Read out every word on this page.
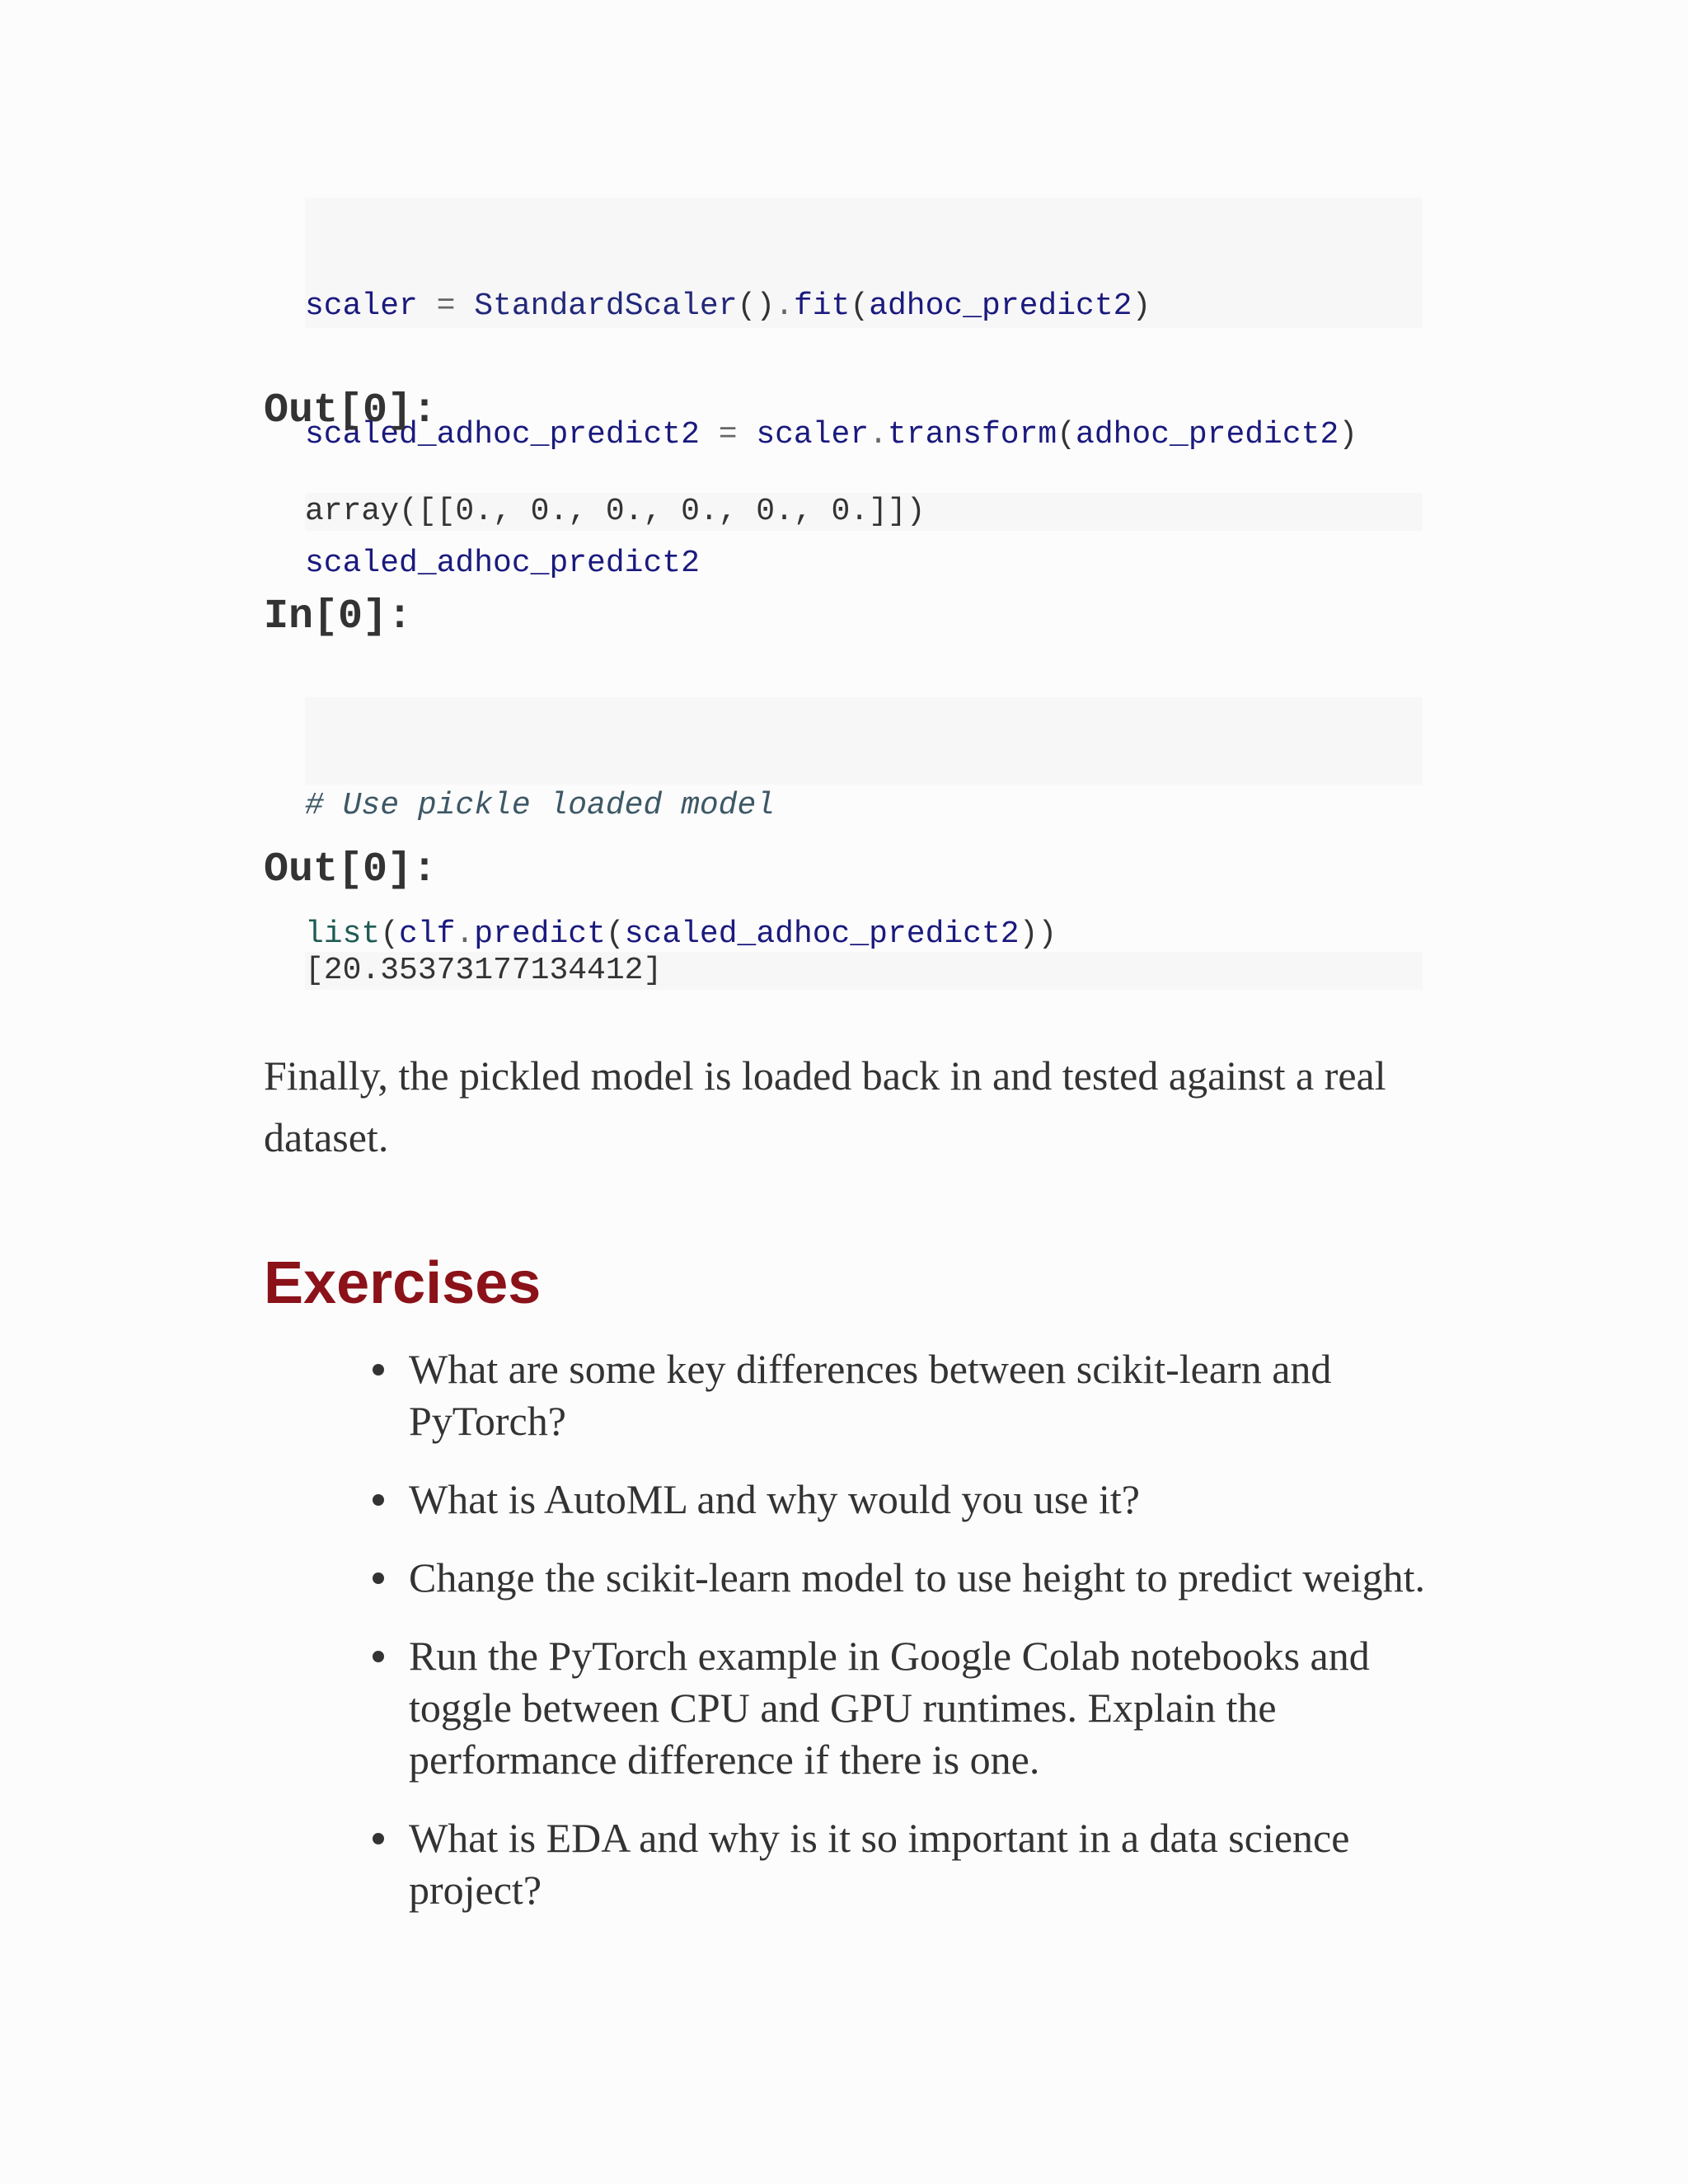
scaler = StandardScaler().fit(adhoc_predict2)

scaled_adhoc_predict2 = scaler.transform(adhoc_predict2)

scaled_adhoc_predict2

Out[0]:
array([[0., 0., 0., 0., 0., 0.]])
In[0]:

# Use pickle loaded model

list(clf.predict(scaled_adhoc_predict2))

Out[0]:
[20.35373177134412]
Finally, the pickled model is loaded back in and tested against a real dataset.
Exercises
What are some key differences between scikit-learn and PyTorch?
What is AutoML and why would you use it?
Change the scikit-learn model to use height to predict weight.
Run the PyTorch example in Google Colab notebooks and toggle between CPU and GPU runtimes. Explain the performance difference if there is one.
What is EDA and why is it so important in a data science project?
